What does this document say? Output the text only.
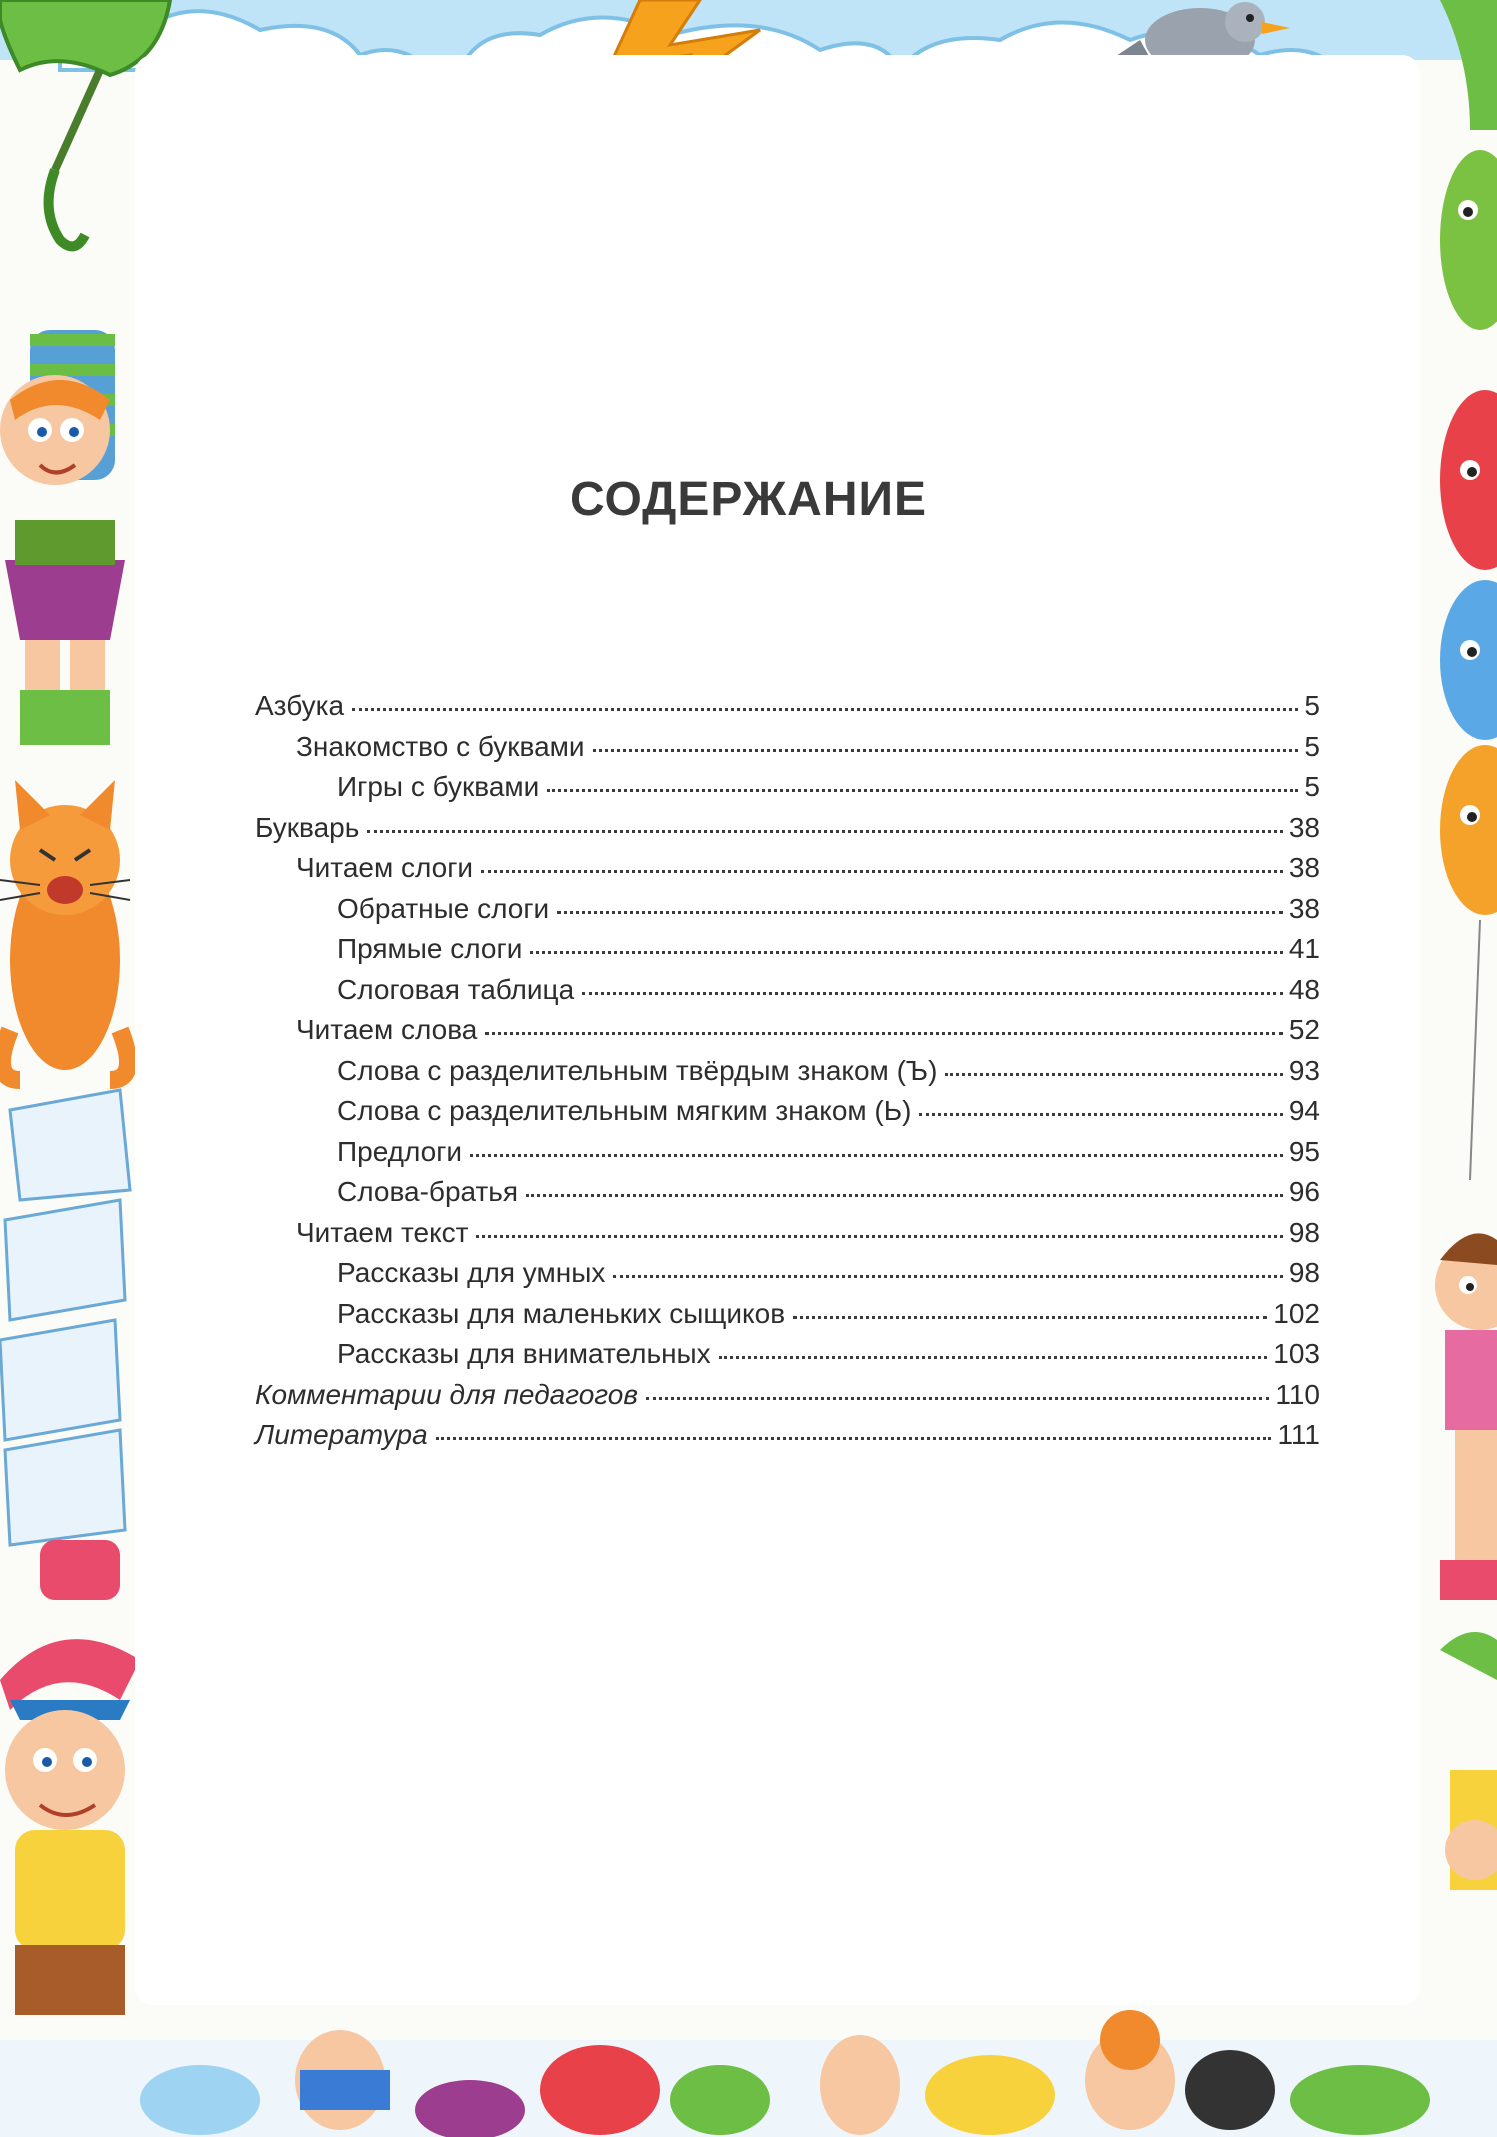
СОДЕРЖАНИЕ
Азбука	5
Знакомство с буквами	5
Игры с буквами	5
Букварь	38
Читаем слоги	38
Обратные слоги	38
Прямые слоги	41
Слоговая таблица	48
Читаем слова	52
Слова с разделительным твёрдым знаком (Ъ)	93
Слова с разделительным мягким знаком (Ь)	94
Предлоги	95
Слова-братья	96
Читаем текст	98
Рассказы для умных	98
Рассказы для маленьких сыщиков	102
Рассказы для внимательных	103
Комментарии для педагогов	110
Литература	111
